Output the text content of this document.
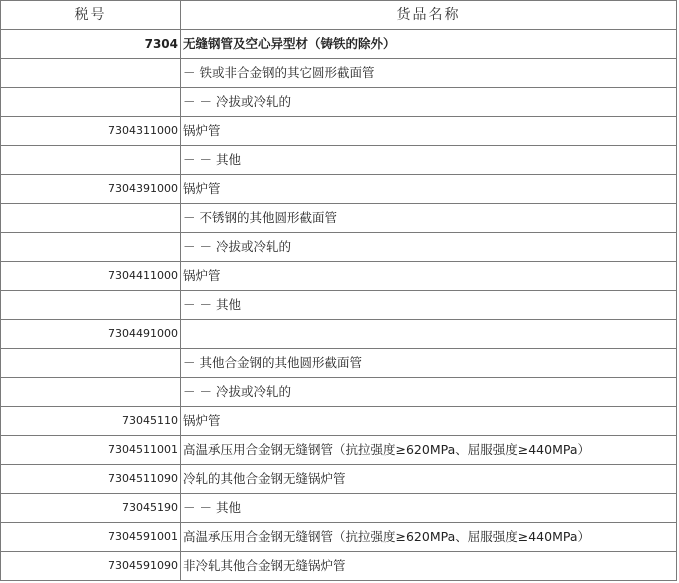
税号	货品名称
7304	无缝钢管及空心异型材（铸铁的除外）
	－ 铁或非合金钢的其它圆形截面管
	－ － 冷拔或冷轧的
7304311000	锅炉管
	－ － 其他
7304391000	锅炉管
	－ 不锈钢的其他圆形截面管
	－ － 冷拔或冷轧的
7304411000	锅炉管
	－ － 其他
7304491000	
	－ 其他合金钢的其他圆形截面管
	－ － 冷拔或冷轧的
73045110	锅炉管
7304511001	高温承压用合金钢无缝钢管（抗拉强度≥620MPa、屈服强度≥440MPa）
7304511090	冷轧的其他合金钢无缝锅炉管
73045190	－ － 其他
7304591001	高温承压用合金钢无缝钢管（抗拉强度≥620MPa、屈服强度≥440MPa）
7304591090	非冷轧其他合金钢无缝锅炉管
